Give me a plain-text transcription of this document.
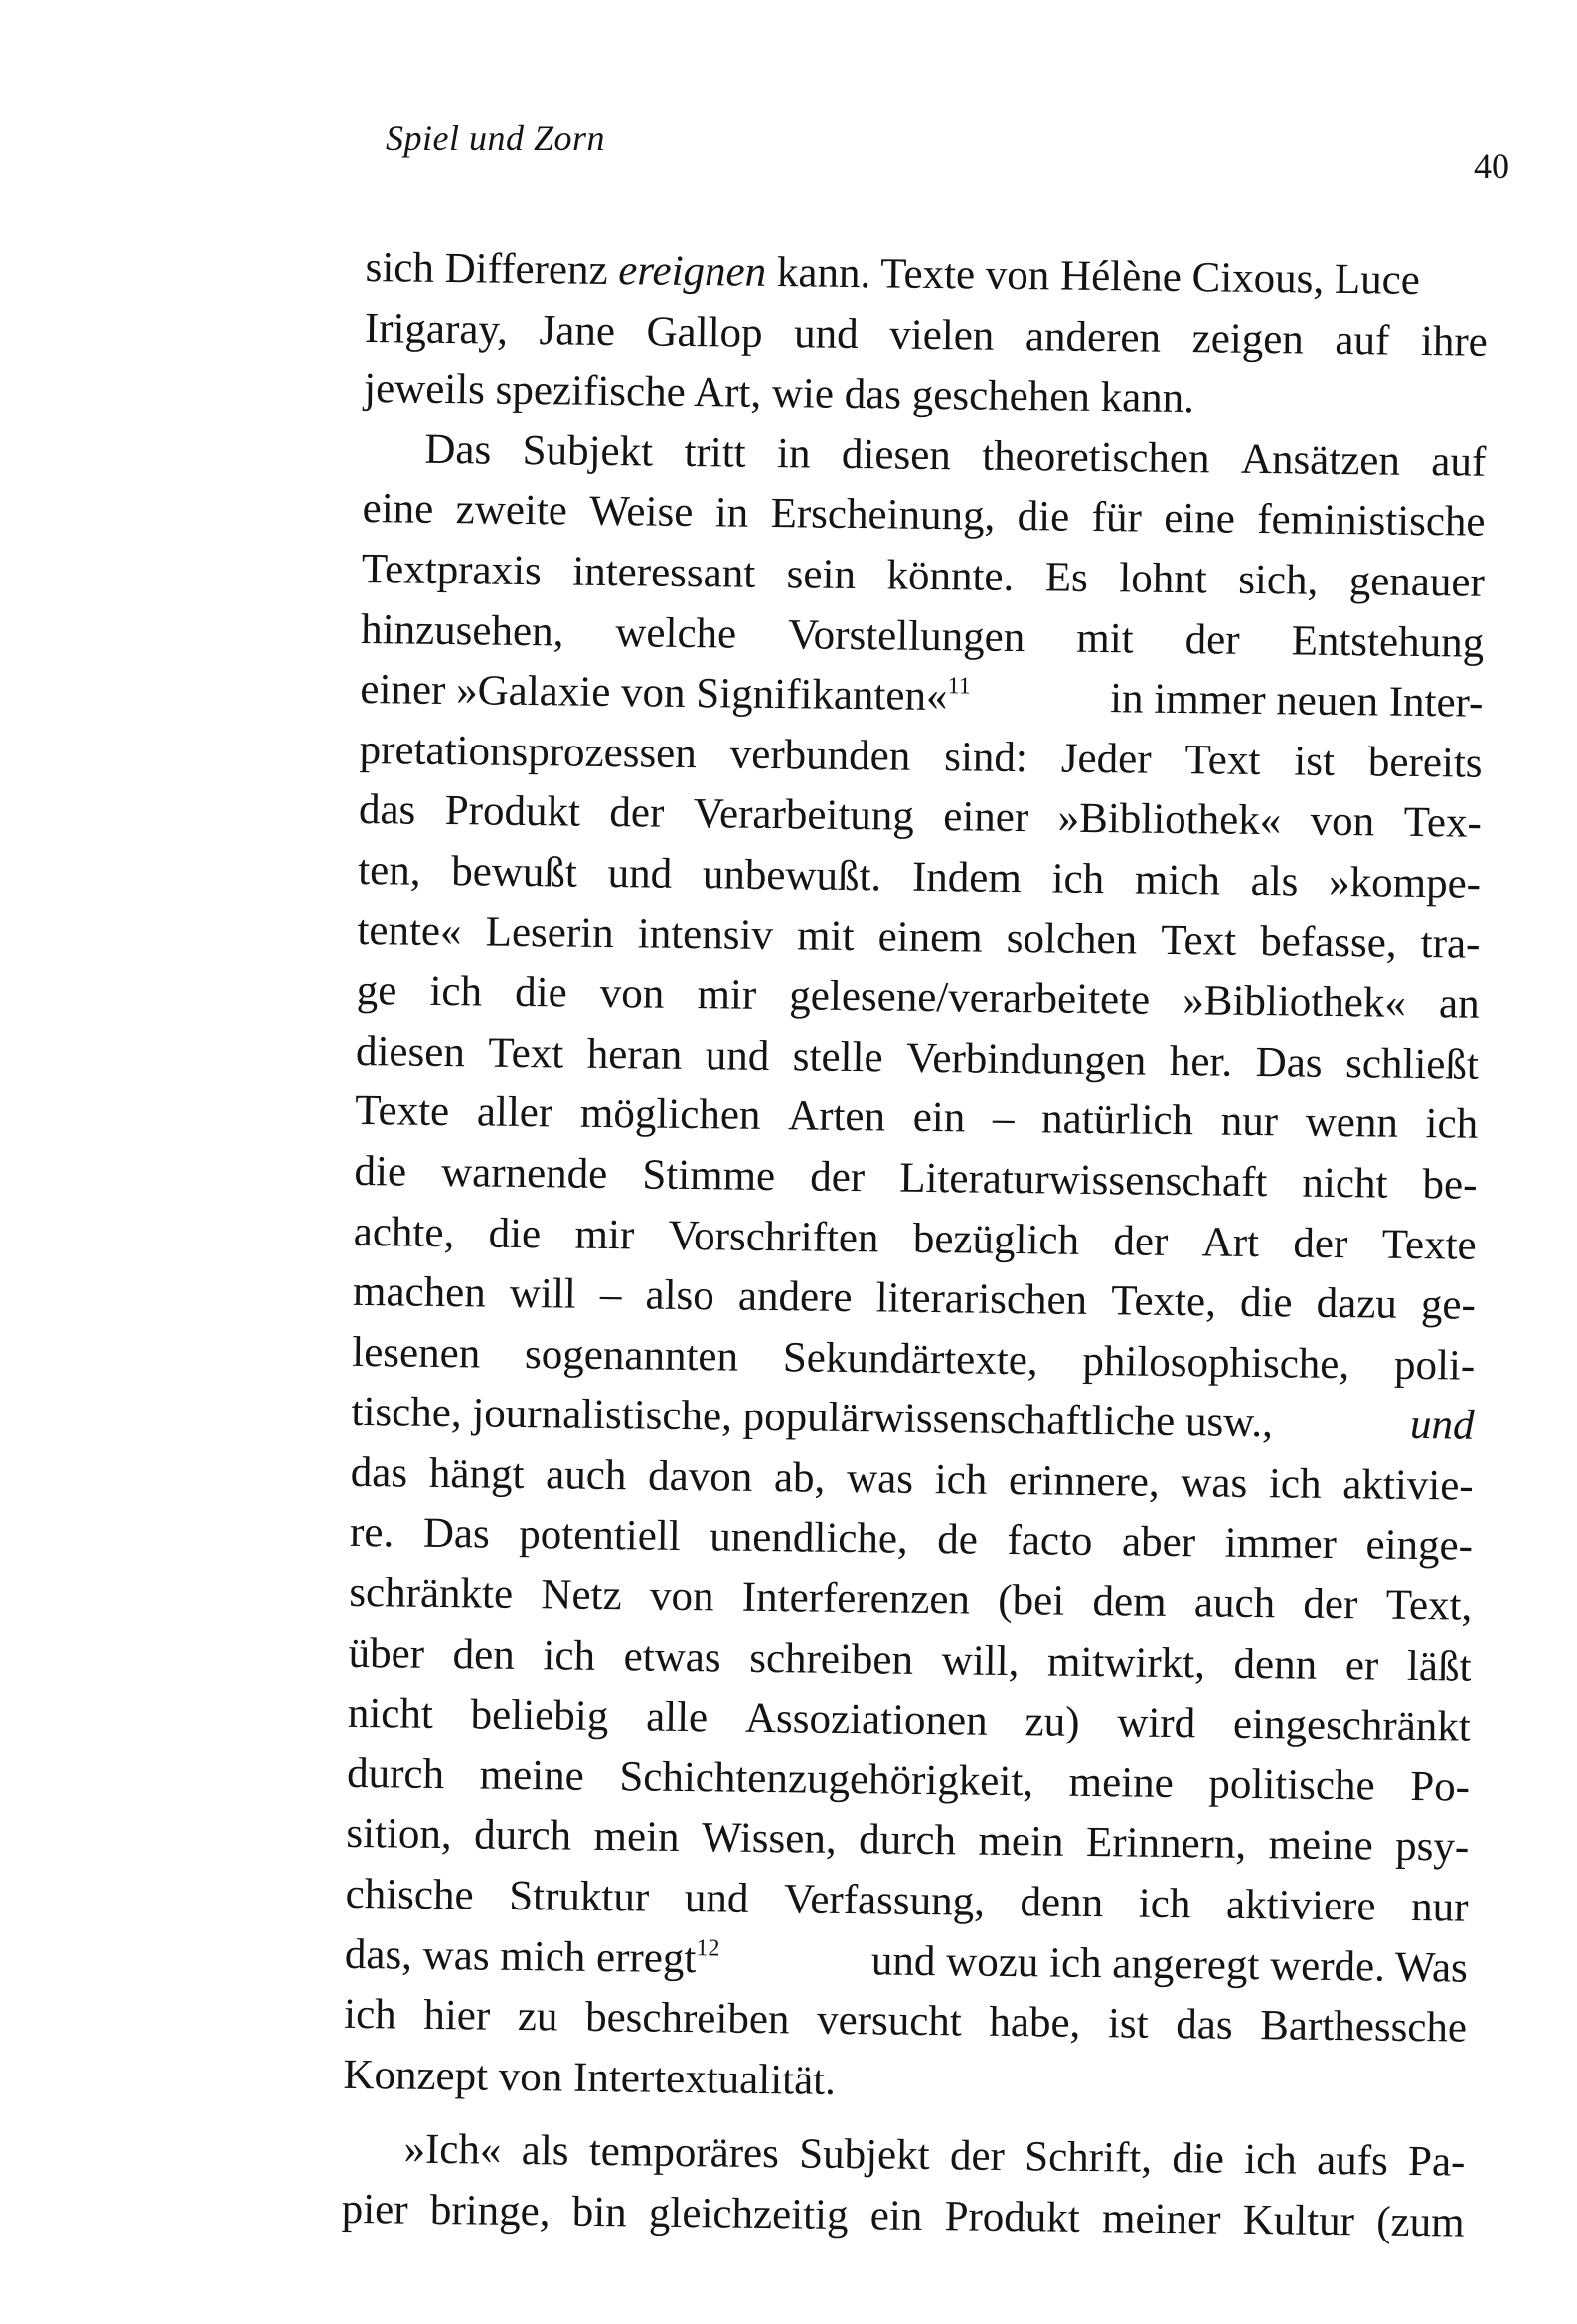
Spiel und Zorn
40
sich Differenz ereignen kann. Texte von Hélène Cixous, Luce
Irigaray, Jane Gallop und vielen anderen zeigen auf ihre
jeweils spezifische Art, wie das geschehen kann.
Das Subjekt tritt in diesen theoretischen Ansätzen auf
eine zweite Weise in Erscheinung, die für eine feministische
Textpraxis interessant sein könnte. Es lohnt sich, genauer
hinzusehen, welche Vorstellungen mit der Entstehung
einer »Galaxie von Signifikanten«$^{11}$	in immer neuen Inter-
pretationsprozessen verbunden sind: Jeder Text ist bereits
das Produkt der Verarbeitung einer »Bibliothek« von Tex-
ten, bewußt und unbewußt. Indem ich mich als »kompe-
tente« Leserin intensiv mit einem solchen Text befasse, tra-
ge ich die von mir gelesene/verarbeitete »Bibliothek« an
diesen Text heran und stelle Verbindungen her. Das schließt
Texte aller möglichen Arten ein – natürlich nur wenn ich
die warnende Stimme der Literaturwissenschaft nicht be-
achte, die mir Vorschriften bezüglich der Art der Texte
machen will – also andere literarischen Texte, die dazu ge-
lesenen sogenannten Sekundärtexte, philosophische, poli-
tische, journalistische, populärwissenschaftliche usw.,	und
das hängt auch davon ab, was ich erinnere, was ich aktivie-
re. Das potentiell unendliche, de facto aber immer einge-
schränkte Netz von Interferenzen (bei dem auch der Text,
über den ich etwas schreiben will, mitwirkt, denn er läßt
nicht beliebig alle Assoziationen zu) wird eingeschränkt
durch meine Schichtenzugehörigkeit, meine politische Po-
sition, durch mein Wissen, durch mein Erinnern, meine psy-
chische Struktur und Verfassung, denn ich aktiviere nur
das, was mich erregt$^{12}$	und wozu ich angeregt werde. Was
ich hier zu beschreiben versucht habe, ist das Barthessche
Konzept von Intertextualität.
»Ich« als temporäres Subjekt der Schrift, die ich aufs Pa-
pier bringe, bin gleichzeitig ein Produkt meiner Kultur (zum
